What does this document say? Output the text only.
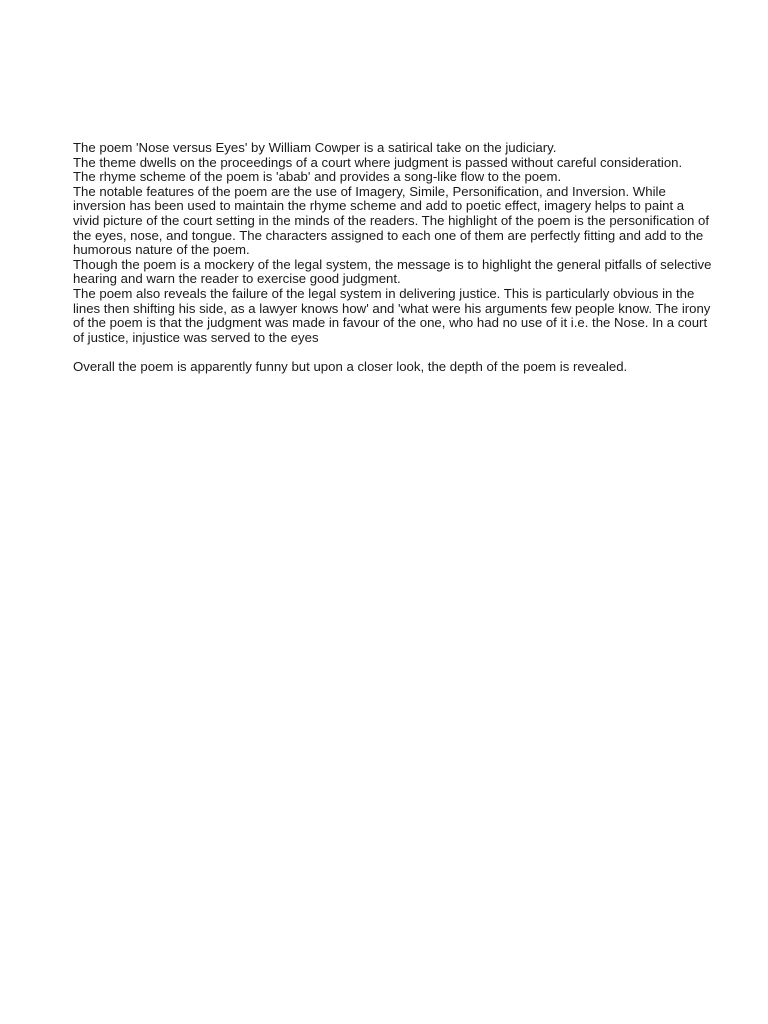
The poem 'Nose versus Eyes' by William Cowper is a satirical take on the judiciary.

The theme dwells on the proceedings of a court where judgment is passed without careful consideration.

The rhyme scheme of the poem is 'abab' and provides a song-like flow to the poem.

The notable features of the poem are the use of Imagery, Simile, Personification, and Inversion. While inversion has been used to maintain the rhyme scheme and add to poetic effect, imagery helps to paint a vivid picture of the court setting in the minds of the readers. The highlight of the poem is the personification of the eyes, nose, and tongue. The characters assigned to each one of them are perfectly fitting and add to the humorous nature of the poem.

Though the poem is a mockery of the legal system, the message is to highlight the general pitfalls of selective hearing and warn the reader to exercise good judgment.

The poem also reveals the failure of the legal system in delivering justice. This is particularly obvious in the lines then shifting his side, as a lawyer knows how' and 'what were his arguments few people know. The irony of the poem is that the judgment was made in favour of the one, who had no use of it i.e. the Nose. In a court of justice, injustice was served to the eyes

Overall the poem is apparently funny but upon a closer look, the depth of the poem is revealed.
